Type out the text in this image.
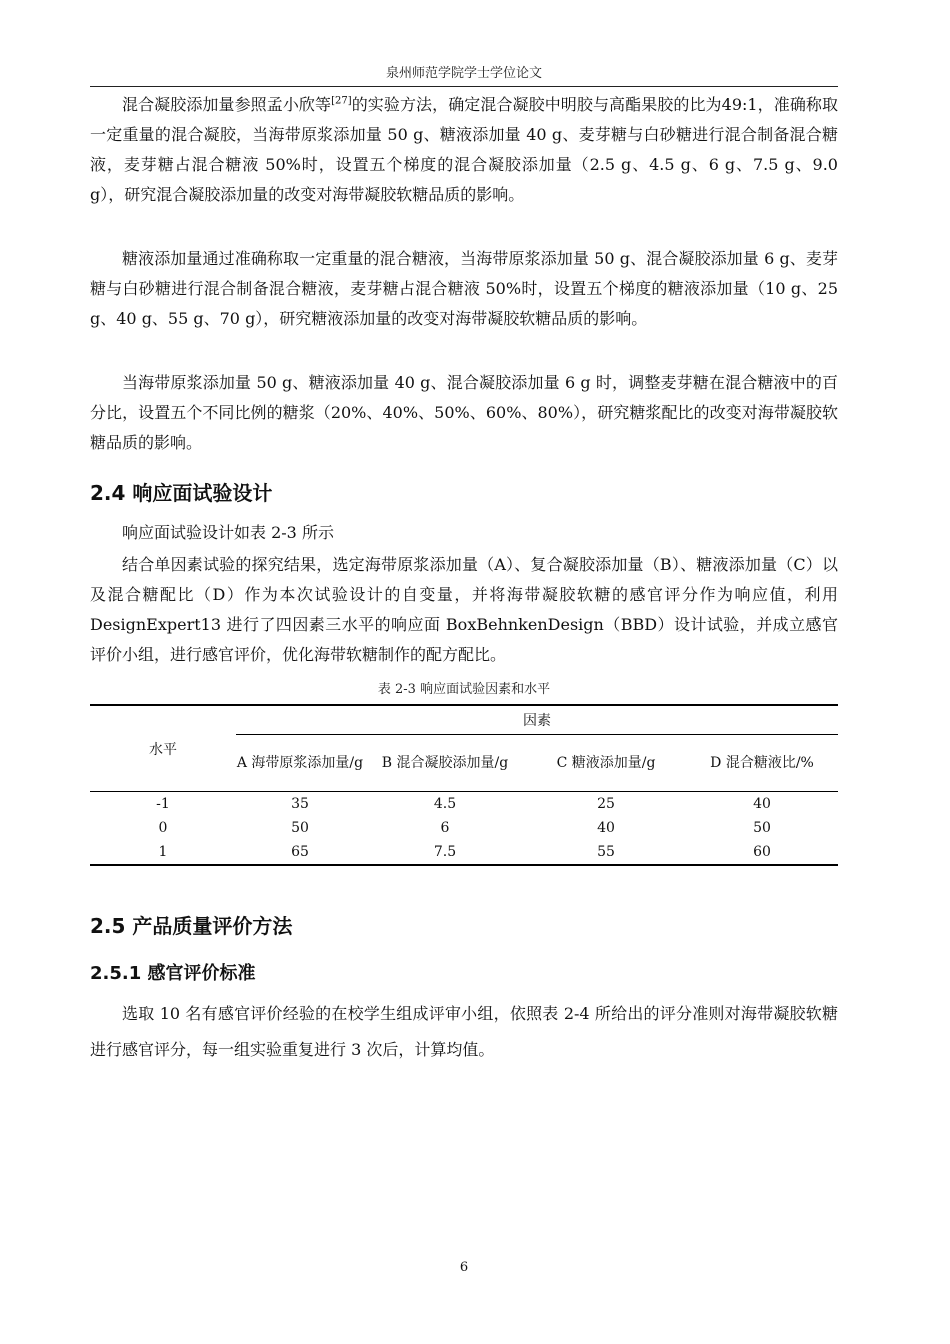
泉州师范学院学士学位论文

混合凝胶添加量参照孟小欣等[27]的实验方法，确定混合凝胶中明胶与高酯果胶的比为49:1，准确称取一定重量的混合凝胶，当海带原浆添加量 50 g、糖液添加量 40 g、麦芽糖与白砂糖进行混合制备混合糖液，麦芽糖占混合糖液 50%时，设置五个梯度的混合凝胶添加量（2.5 g、4.5 g、6 g、7.5 g、9.0 g），研究混合凝胶添加量的改变对海带凝胶软糖品质的影响。

糖液添加量通过准确称取一定重量的混合糖液，当海带原浆添加量 50 g、混合凝胶添加量 6 g、麦芽糖与白砂糖进行混合制备混合糖液，麦芽糖占混合糖液 50%时，设置五个梯度的糖液添加量（10 g、25 g、40 g、55 g、70 g），研究糖液添加量的改变对海带凝胶软糖品质的影响。

当海带原浆添加量 50 g、糖液添加量 40 g、混合凝胶添加量 6 g 时，调整麦芽糖在混合糖液中的百分比，设置五个不同比例的糖浆（20%、40%、50%、60%、80%），研究糖浆配比的改变对海带凝胶软糖品质的影响。

2.4 响应面试验设计

响应面试验设计如表 2-3 所示

结合单因素试验的探究结果，选定海带原浆添加量（A）、复合凝胶添加量（B）、糖液添加量（C）以及混合糖配比（D）作为本次试验设计的自变量，并将海带凝胶软糖的感官评分作为响应值，利用 DesignExpert13 进行了四因素三水平的响应面 BoxBehnkenDesign（BBD）设计试验，并成立感官评价小组，进行感官评价，优化海带软糖制作的配方配比。

表 2-3 响应面试验因素和水平
水平	因素			
	A 海带原浆添加量/g	B 混合凝胶添加量/g	C 糖液添加量/g	D 混合糖液比/%
-1	35	4.5	25	40
0	50	6	40	50
1	65	7.5	55	60
2.5 产品质量评价方法
2.5.1 感官评价标准

选取 10 名有感官评价经验的在校学生组成评审小组，依照表 2-4 所给出的评分准则对海带凝胶软糖进行感官评分，每一组实验重复进行 3 次后，计算均值。

6
